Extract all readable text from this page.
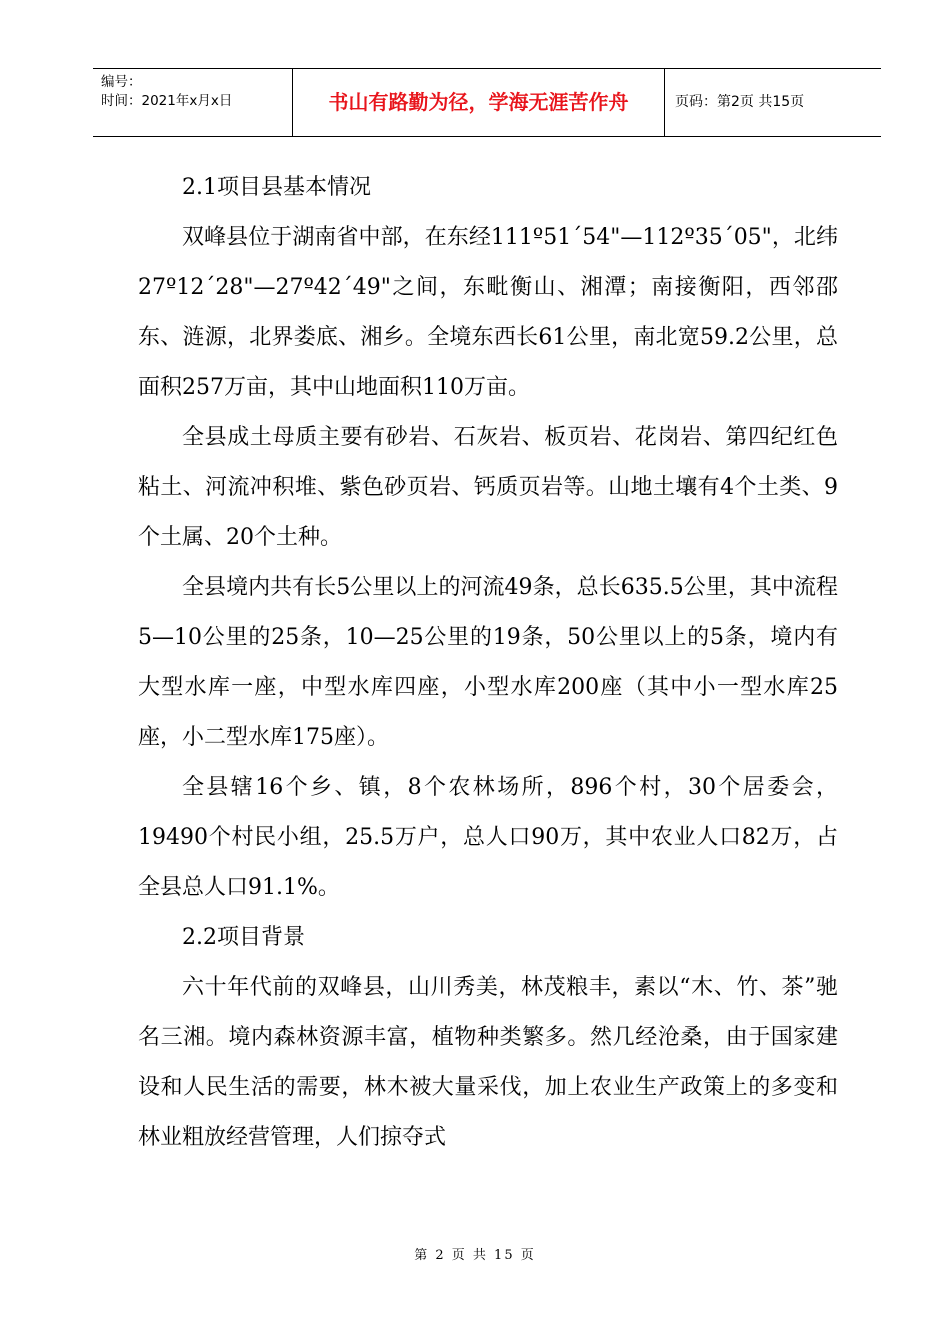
编号：
时间：2021年x月x日	书山有路勤为径，学海无涯苦作舟	页码：第2页 共15页

2.1项目县基本情况

双峰县位于湖南省中部，在东经111º51´54"—112º35´05"，北纬27º12´28"—27º42´49"之间，东毗衡山、湘潭；南接衡阳，西邻邵东、涟源，北界娄底、湘乡。全境东西长61公里，南北宽59.2公里，总面积257万亩，其中山地面积110万亩。

全县成土母质主要有砂岩、石灰岩、板页岩、花岗岩、第四纪红色粘土、河流冲积堆、紫色砂页岩、钙质页岩等。山地土壤有4个土类、9个土属、20个土种。

全县境内共有长5公里以上的河流49条，总长635.5公里，其中流程5—10公里的25条，10—25公里的19条，50公里以上的5条，境内有大型水库一座，中型水库四座，小型水库200座（其中小一型水库25座，小二型水库175座）。

全县辖16个乡、镇，8个农林场所，896个村，30个居委会，19490个村民小组，25.5万户，总人口90万，其中农业人口82万，占全县总人口91.1%。

2.2项目背景

六十年代前的双峰县，山川秀美，林茂粮丰，素以“木、竹、茶”驰名三湘。境内森林资源丰富，植物种类繁多。然几经沧桑，由于国家建设和人民生活的需要，林木被大量采伐，加上农业生产政策上的多变和林业粗放经营管理，人们掠夺式

第 2 页 共 15 页
